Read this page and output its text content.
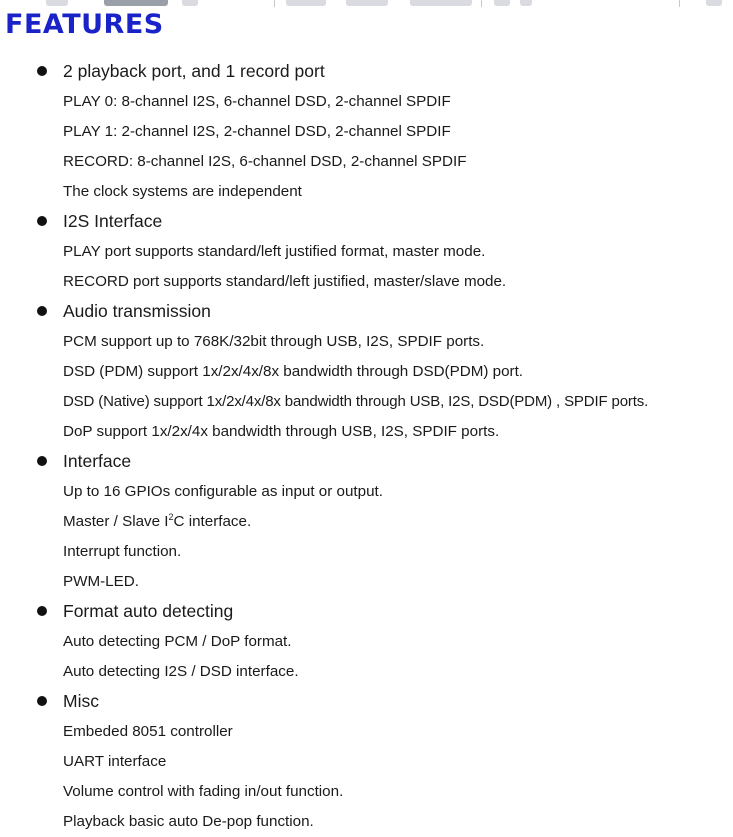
FEATURES
2 playback port, and 1 record port
PLAY 0: 8-channel I2S, 6-channel DSD, 2-channel SPDIF
PLAY 1: 2-channel I2S, 2-channel DSD, 2-channel SPDIF
RECORD: 8-channel I2S, 6-channel DSD, 2-channel SPDIF
The clock systems are independent
I2S Interface
PLAY port supports standard/left justified format, master mode.
RECORD port supports standard/left justified, master/slave mode.
Audio transmission
PCM support up to 768K/32bit through USB, I2S, SPDIF ports.
DSD (PDM) support 1x/2x/4x/8x bandwidth through DSD(PDM) port.
DSD (Native) support 1x/2x/4x/8x bandwidth through USB, I2S, DSD(PDM) , SPDIF ports.
DoP support 1x/2x/4x bandwidth through USB, I2S, SPDIF ports.
Interface
Up to 16 GPIOs configurable as input or output.
Master / Slave $I^2C$ interface.
Interrupt function.
PWM-LED.
Format auto detecting
Auto detecting PCM / DoP format.
Auto detecting I2S / DSD interface.
Misc
Embeded 8051 controller
UART interface
Volume control with fading in/out function.
Playback basic auto De-pop function.
